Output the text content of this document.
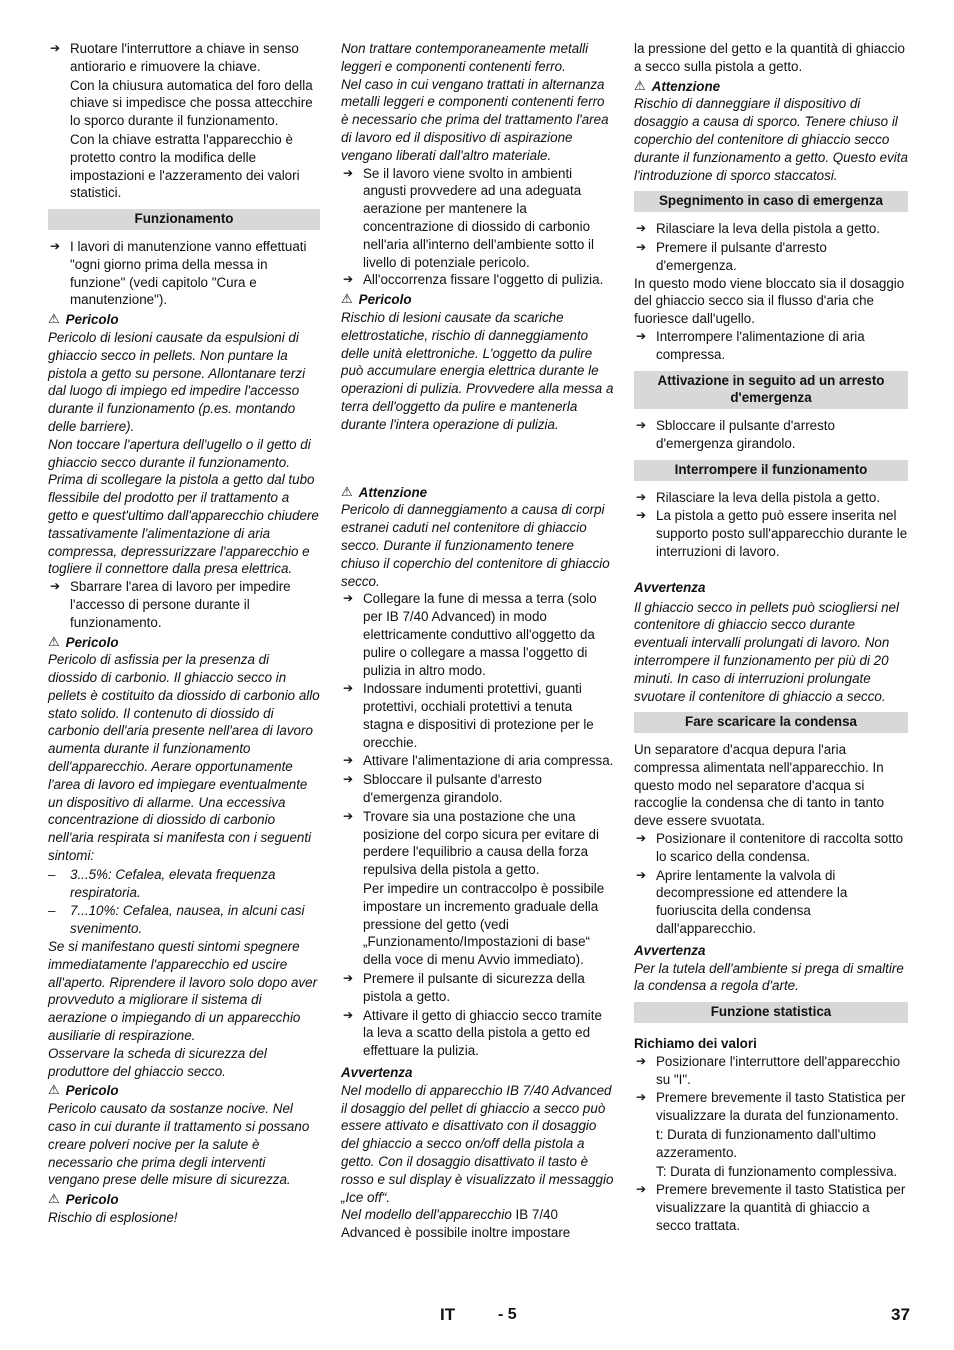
➔ Ruotare l'interruttore a chiave in senso antiorario e rimuovere la chiave.

Con la chiusura automatica del foro della chiave si impedisce che possa attecchire lo sporco durante il funzionamento.

Con la chiave estratta l'apparecchio è protetto contro la modifica delle impostazioni e l'azzeramento dei valori statistici.

Funzionamento

➔ I lavori di manutenzione vanno effettuati "ogni giorno prima della messa in funzione" (vedi capitolo "Cura e manutenzione").

⚠ Pericolo

Pericolo di lesioni causate da espulsioni di ghiaccio secco in pellets. Non puntare la pistola a getto su persone. Allontanare terzi dal luogo di impiego ed impedire l'accesso durante il funzionamento (p.es. montando delle barriere).

Non toccare l'apertura dell'ugello o il getto di ghiaccio secco durante il funzionamento.

Prima di scollegare la pistola a getto dal tubo flessibile del prodotto per il trattamento a getto e quest'ultimo dall'apparecchio chiudere tassativamente l'alimentazione di aria compressa, depressurizzare l'apparecchio e togliere il connettore dalla presa elettrica.

➔ Sbarrare l'area di lavoro per impedire l'accesso di persone durante il funzionamento.

⚠ Pericolo

Pericolo di asfissia per la presenza di diossido di carbonio. Il ghiaccio secco in pellets è costituito da diossido di carbonio allo stato solido. Il contenuto di diossido di carbonio dell'aria presente nell'area di lavoro aumenta durante il funzionamento dell'apparecchio. Aerare opportunamente l'area di lavoro ed impiegare eventualmente un dispositivo di allarme. Una eccessiva concentrazione di diossido di carbonio nell'aria respirata si manifesta con i seguenti sintomi:

– 3...5%: Cefalea, elevata frequenza respiratoria.

– 7...10%: Cefalea, nausea, in alcuni casi svenimento.

Se si manifestano questi sintomi spegnere immediatamente l'apparecchio ed uscire all'aperto. Riprendere il lavoro solo dopo aver provveduto a migliorare il sistema di aerazione o impiegando di un apparecchio ausiliarie di respirazione.

Osservare la scheda di sicurezza del produttore del ghiaccio secco.

⚠ Pericolo

Pericolo causato da sostanze nocive. Nel caso in cui durante il trattamento si possano creare polveri nocive per la salute è necessario che prima degli interventi vengano prese delle misure di sicurezza.

⚠ Pericolo

Rischio di esplosione!

Non trattare contemporaneamente metalli leggeri e componenti contenenti ferro.

Nel caso in cui vengano trattati in alternanza metalli leggeri e componenti contenenti ferro è necessario che prima del trattamento l'area di lavoro ed il dispositivo di aspirazione vengano liberati dall'altro materiale.

➔ Se il lavoro viene svolto in ambienti angusti provvedere ad una adeguata aerazione per mantenere la concentrazione di diossido di carbonio nell'aria all'interno dell'ambiente sotto il livello di potenziale pericolo.

➔ All'occorrenza fissare l'oggetto di pulizia.

⚠ Pericolo

Rischio di lesioni causate da scariche elettrostatiche, rischio di danneggiamento delle unità elettroniche. L'oggetto da pulire può accumulare energia elettrica durante le operazioni di pulizia. Provvedere alla messa a terra dell'oggetto da pulire e mantenerla durante l'intera operazione di pulizia.

⚠ Attenzione

Pericolo di danneggiamento a causa di corpi estranei caduti nel contenitore di ghiaccio secco. Durante il funzionamento tenere chiuso il coperchio del contenitore di ghiaccio secco.

➔ Collegare la fune di messa a terra (solo per IB 7/40 Advanced) in modo elettricamente conduttivo all'oggetto da pulire o collegare a massa l'oggetto di pulizia in altro modo.

➔ Indossare indumenti protettivi, guanti protettivi, occhiali protettivi a tenuta stagna e dispositivi di protezione per le orecchie.

➔ Attivare l'alimentazione di aria compressa.

➔ Sbloccare il pulsante d'arresto d'emergenza girandolo.

➔ Trovare sia una postazione che una posizione del corpo sicura per evitare di perdere l'equilibrio a causa della forza repulsiva della pistola a getto.

Per impedire un contraccolpo è possibile impostare un incremento graduale della pressione del getto (vedi „Funzionamento/Impostazioni di base“ della voce di menu Avvio immediato).

➔ Premere il pulsante di sicurezza della pistola a getto.

➔ Attivare il getto di ghiaccio secco tramite la leva a scatto della pistola a getto ed effettuare la pulizia.

Avvertenza

Nel modello di apparecchio IB 7/40 Advanced il dosaggio del pellet di ghiaccio a secco può essere attivato e disattivato con il dosaggio del ghiaccio a secco on/off della pistola a getto. Con il dosaggio disattivato il tasto è rosso e sul display è visualizzato il messaggio „Ice off“.

Nel modello dell'apparecchio IB 7/40 Advanced è possibile inoltre impostare

la pressione del getto e la quantità di ghiaccio a secco sulla pistola a getto.

⚠ Attenzione

Rischio di danneggiare il dispositivo di dosaggio a causa di sporco. Tenere chiuso il coperchio del contenitore di ghiaccio secco durante il funzionamento a getto. Questo evita l'introduzione di sporco staccatosi.

Spegnimento in caso di emergenza

➔ Rilasciare la leva della pistola a getto.

➔ Premere il pulsante d'arresto d'emergenza.

In questo modo viene bloccato sia il dosaggio del ghiaccio secco sia il flusso d'aria che fuoriesce dall'ugello.

➔ Interrompere l'alimentazione di aria compressa.

Attivazione in seguito ad un arresto d'emergenza

➔ Sbloccare il pulsante d'arresto d'emergenza girandolo.

Interrompere il funzionamento

➔ Rilasciare la leva della pistola a getto.

➔ La pistola a getto può essere inserita nel supporto posto sull'apparecchio durante le interruzioni di lavoro.

Avvertenza

Il ghiaccio secco in pellets può sciogliersi nel contenitore di ghiaccio secco durante eventuali intervalli prolungati di lavoro. Non interrompere il funzionamento per più di 20 minuti. In caso di interruzioni prolungate svuotare il contenitore di ghiaccio a secco.

Fare scaricare la condensa

Un separatore d'acqua depura l'aria compressa alimentata nell'apparecchio. In questo modo nel separatore d'acqua si raccoglie la condensa che di tanto in tanto deve essere svuotata.

➔ Posizionare il contenitore di raccolta sotto lo scarico della condensa.

➔ Aprire lentamente la valvola di decompressione ed attendere la fuoriuscita della condensa dall'apparecchio.

Avvertenza

Per la tutela dell'ambiente si prega di smaltire la condensa a regola d'arte.

Funzione statistica

Richiamo dei valori

➔ Posizionare l'interruttore dell'apparecchio su "I".

➔ Premere brevemente il tasto Statistica per visualizzare la durata del funzionamento.

t: Durata di funzionamento dall'ultimo azzeramento.

T: Durata di funzionamento complessiva.

➔ Premere brevemente il tasto Statistica per visualizzare la quantità di ghiaccio a secco trattata.

IT	- 5	37
